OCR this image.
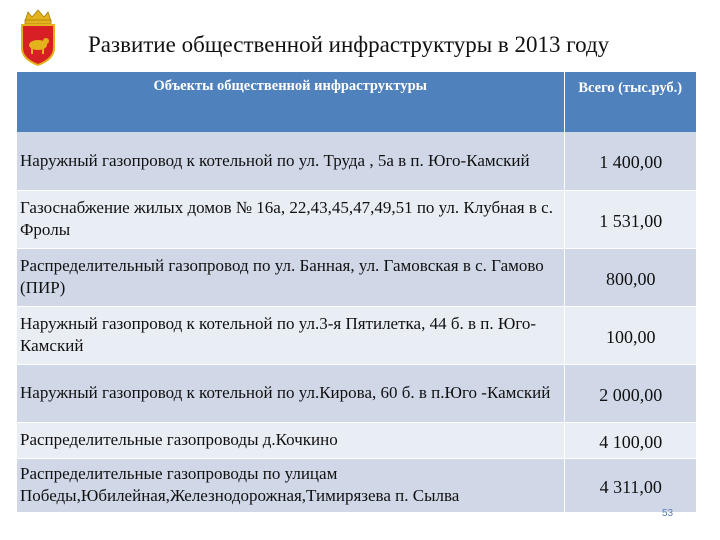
Развитие общественной инфраструктуры в 2013 году
Объекты общественной инфраструктуры	Всего (тыс.руб.)
Наружный газопровод к котельной по ул. Труда , 5а в п. Юго-Камский	1 400,00
Газоснабжение жилых домов № 16а, 22,43,45,47,49,51 по ул. Клубная в с. Фролы	1 531,00
Распределительный газопровод по ул. Банная, ул. Гамовская в с. Гамово (ПИР)	800,00
Наружный газопровод к котельной по ул.3-я Пятилетка, 44 б. в п. Юго-Камский	100,00
Наружный газопровод к котельной по ул.Кирова, 60 б. в п.Юго -Камский	2 000,00
Распределительные газопроводы д.Кочкино	4 100,00
Распределительные газопроводы по улицам Победы,Юбилейная,Железнодорожная,Тимирязева п. Сылва	4 311,00
53
